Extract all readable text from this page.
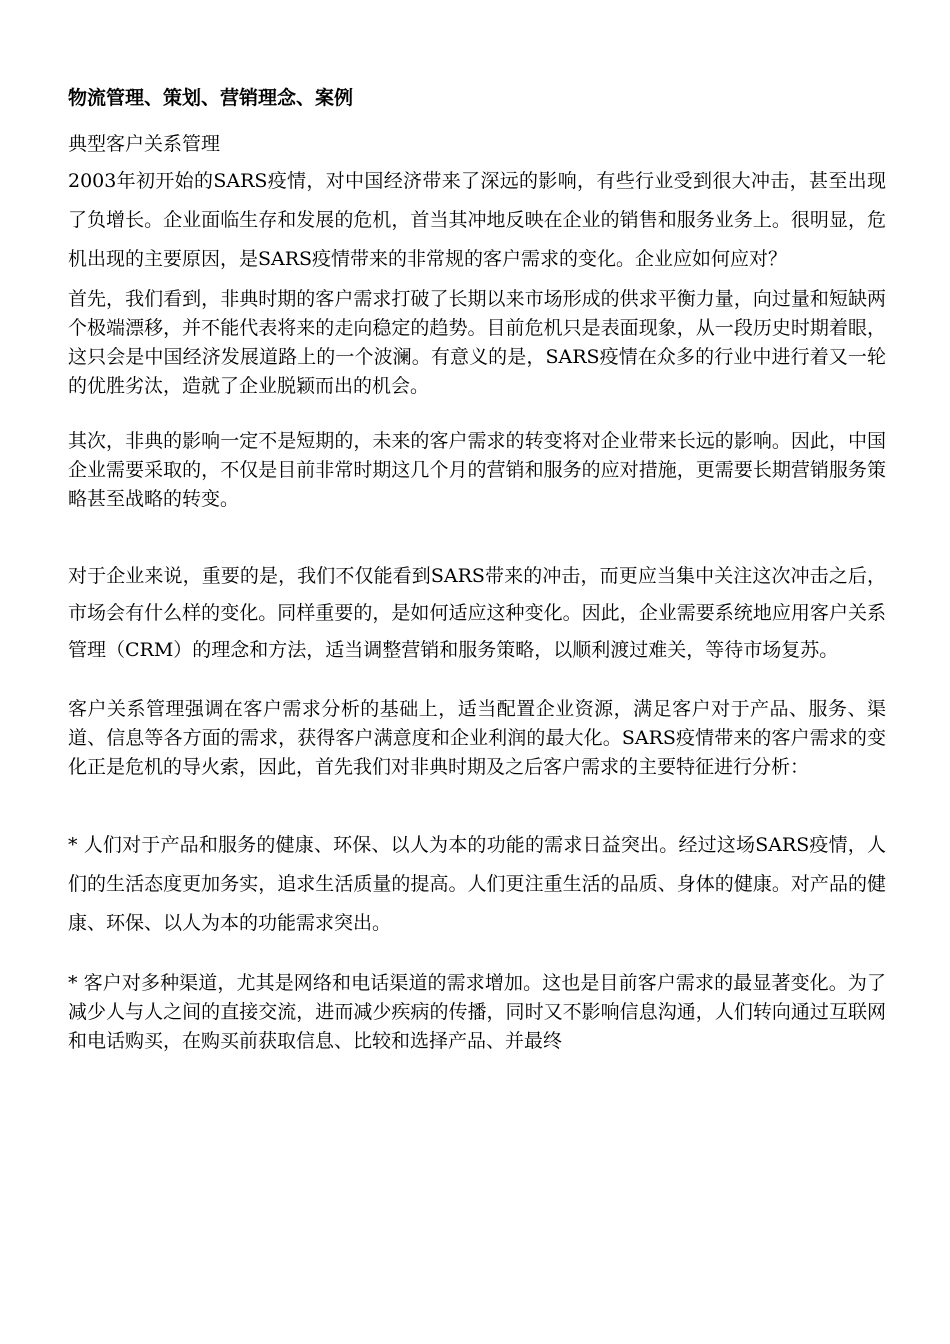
物流管理、策划、营销理念、案例
典型客户关系管理

2003年初开始的SARS疫情，对中国经济带来了深远的影响，有些行业受到很大冲击，甚至出现了负增长。企业面临生存和发展的危机，首当其冲地反映在企业的销售和服务业务上。很明显，危机出现的主要原因，是SARS疫情带来的非常规的客户需求的变化。企业应如何应对？

首先，我们看到，非典时期的客户需求打破了长期以来市场形成的供求平衡力量，向过量和短缺两个极端漂移，并不能代表将来的走向稳定的趋势。目前危机只是表面现象，从一段历史时期着眼，这只会是中国经济发展道路上的一个波澜。有意义的是，SARS疫情在众多的行业中进行着又一轮的优胜劣汰，造就了企业脱颖而出的机会。

其次，非典的影响一定不是短期的，未来的客户需求的转变将对企业带来长远的影响。因此，中国企业需要采取的，不仅是目前非常时期这几个月的营销和服务的应对措施，更需要长期营销服务策略甚至战略的转变。

对于企业来说，重要的是，我们不仅能看到SARS带来的冲击，而更应当集中关注这次冲击之后，市场会有什么样的变化。同样重要的，是如何适应这种变化。因此，企业需要系统地应用客户关系管理（CRM）的理念和方法，适当调整营销和服务策略，以顺利渡过难关，等待市场复苏。

客户关系管理强调在客户需求分析的基础上，适当配置企业资源，满足客户对于产品、服务、渠道、信息等各方面的需求，获得客户满意度和企业利润的最大化。SARS疫情带来的客户需求的变化正是危机的导火索，因此，首先我们对非典时期及之后客户需求的主要特征进行分析：

* 人们对于产品和服务的健康、环保、以人为本的功能的需求日益突出。经过这场SARS疫情，人们的生活态度更加务实，追求生活质量的提高。人们更注重生活的品质、身体的健康。对产品的健康、环保、以人为本的功能需求突出。

* 客户对多种渠道，尤其是网络和电话渠道的需求增加。这也是目前客户需求的最显著变化。为了减少人与人之间的直接交流，进而减少疾病的传播，同时又不影响信息沟通，人们转向通过互联网和电话购买，在购买前获取信息、比较和选择产品、并最终
